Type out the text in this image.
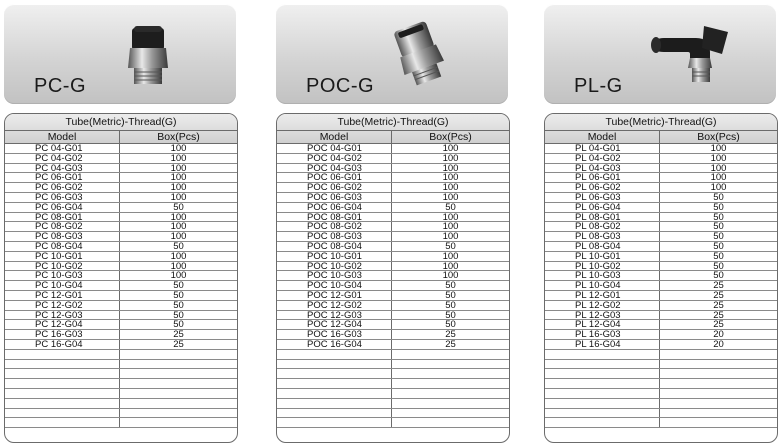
PC-G
Tube(Metric)-Thread(G)
Model	Box(Pcs)
PC 04-G01	100
PC 04-G02	100
PC 04-G03	100
PC 06-G01	100
PC 06-G02	100
PC 06-G03	100
PC 06-G04	50
PC 08-G01	100
PC 08-G02	100
PC 08-G03	100
PC 08-G04	50
PC 10-G01	100
PC 10-G02	100
PC 10-G03	100
PC 10-G04	50
PC 12-G01	50
PC 12-G02	50
PC 12-G03	50
PC 12-G04	50
PC 16-G03	25
PC 16-G04	25
POC-G
Tube(Metric)-Thread(G)
Model	Box(Pcs)
POC 04-G01	100
POC 04-G02	100
POC 04-G03	100
POC 06-G01	100
POC 06-G02	100
POC 06-G03	100
POC 06-G04	50
POC 08-G01	100
POC 08-G02	100
POC 08-G03	100
POC 08-G04	50
POC 10-G01	100
POC 10-G02	100
POC 10-G03	100
POC 10-G04	50
POC 12-G01	50
POC 12-G02	50
POC 12-G03	50
POC 12-G04	50
POC 16-G03	25
POC 16-G04	25
PL-G
Tube(Metric)-Thread(G)
Model	Box(Pcs)
PL 04-G01	100
PL 04-G02	100
PL 04-G03	100
PL 06-G01	100
PL 06-G02	100
PL 06-G03	50
PL 06-G04	50
PL 08-G01	50
PL 08-G02	50
PL 08-G03	50
PL 08-G04	50
PL 10-G01	50
PL 10-G02	50
PL 10-G03	50
PL 10-G04	25
PL 12-G01	25
PL 12-G02	25
PL 12-G03	25
PL 12-G04	25
PL 16-G03	20
PL 16-G04	20
